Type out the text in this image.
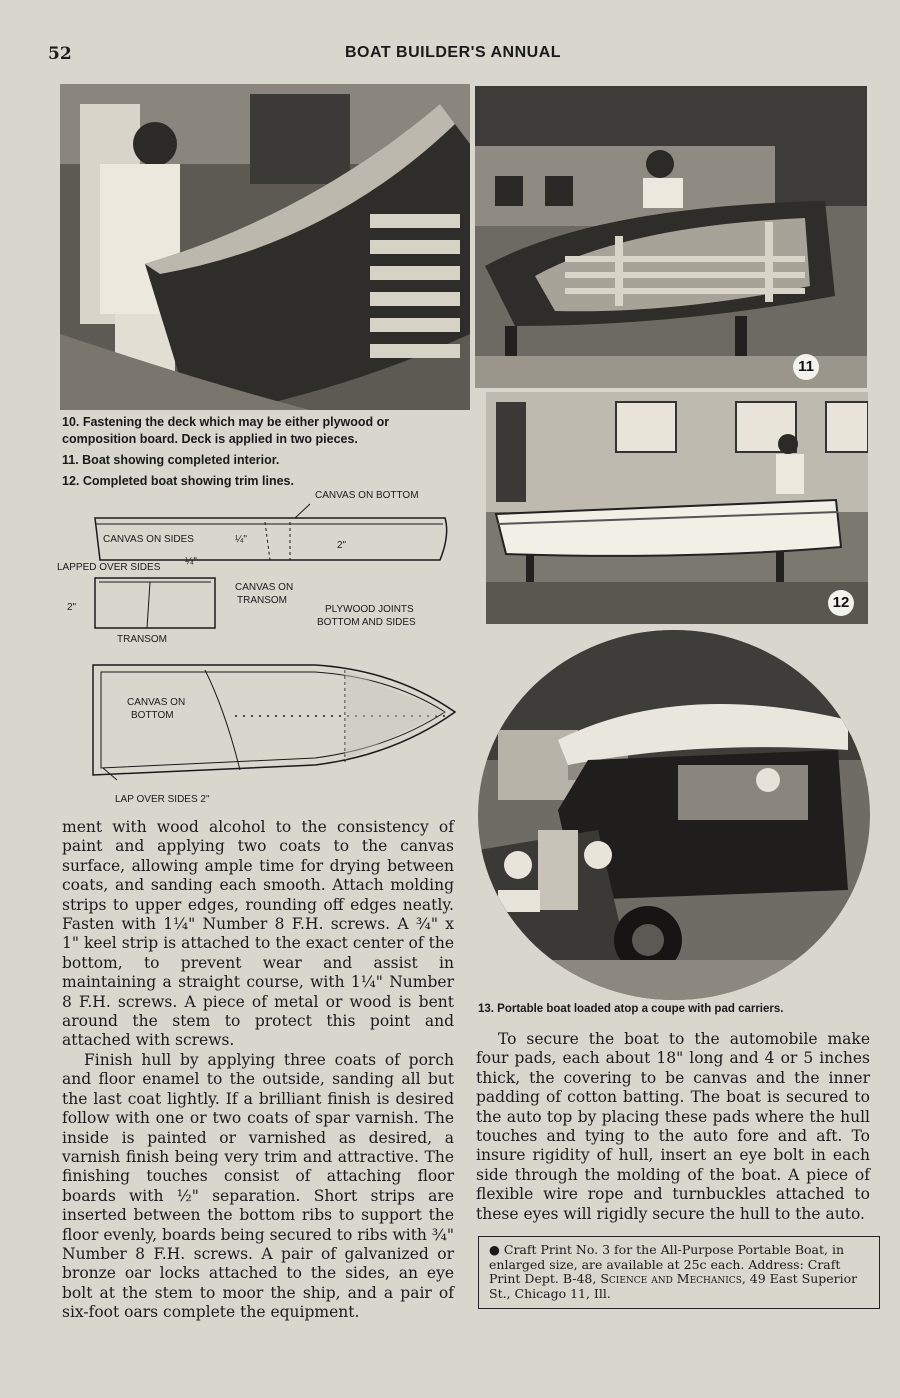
52	BOAT BUILDER'S ANNUAL
11
12

10. Fastening the deck which may be either plywood or composition board. Deck is applied in two pieces.

11. Boat showing completed interior.

12. Completed boat showing trim lines.

CANVAS ON BOTTOM
CANVAS ON SIDES	¼"
2"
LAPPED OVER SIDES
¼"
CANVAS ON
TRANSOM
2"	PLYWOOD JOINTS
BOTTOM AND SIDES
TRANSOM
CANVAS ON
BOTTOM
LAP OVER SIDES 2"
13. Portable boat loaded atop a coupe with pad carriers.

ment with wood alcohol to the consistency of paint and applying two coats to the canvas surface, allowing ample time for drying between coats, and sanding each smooth. Attach molding strips to upper edges, rounding off edges neatly. Fasten with 1¼" Number 8 F.H. screws. A ¾" x 1" keel strip is attached to the exact center of the bottom, to prevent wear and assist in maintaining a straight course, with 1¼" Number 8 F.H. screws. A piece of metal or wood is bent around the stem to protect this point and attached with screws.

Finish hull by applying three coats of porch and floor enamel to the outside, sanding all but the last coat lightly. If a brilliant finish is desired follow with one or two coats of spar varnish. The inside is painted or varnished as desired, a varnish finish being very trim and attractive. The finishing touches consist of attaching floor boards with ½" separation. Short strips are inserted between the bottom ribs to support the floor evenly, boards being secured to ribs with ¾" Number 8 F.H. screws. A pair of galvanized or bronze oar locks attached to the sides, an eye bolt at the stem to moor the ship, and a pair of six-foot oars complete the equipment.

To secure the boat to the automobile make four pads, each about 18" long and 4 or 5 inches thick, the covering to be canvas and the inner padding of cotton batting. The boat is secured to the auto top by placing these pads where the hull touches and tying to the auto fore and aft. To insure rigidity of hull, insert an eye bolt in each side through the molding of the boat. A piece of flexible wire rope and turnbuckles attached to these eyes will rigidly secure the hull to the auto.

● Craft Print No. 3 for the All-Purpose Portable Boat, in enlarged size, are available at 25c each. Address: Craft Print Dept. B-48, Science and Mechanics, 49 East Superior St., Chicago 11, Ill.
